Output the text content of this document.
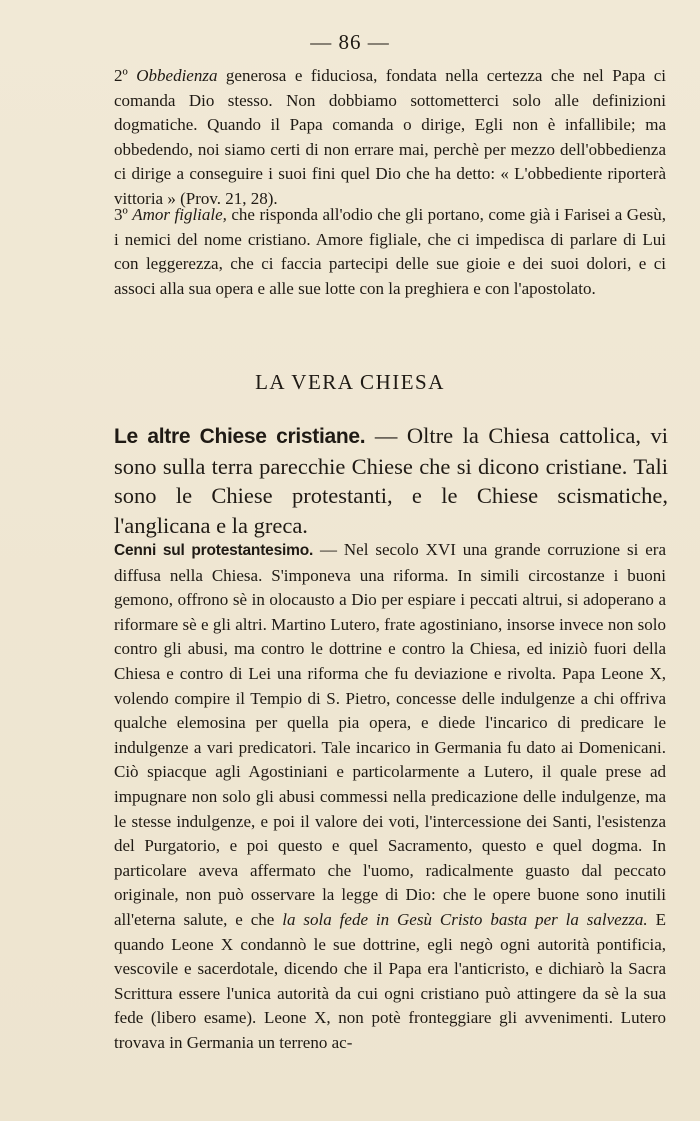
— 86 —

2º Obbedienza generosa e fiduciosa, fondata nella certezza che nel Papa ci comanda Dio stesso. Non dobbiamo sottometterci solo alle definizioni dogmatiche. Quando il Papa comanda o dirige, Egli non è infallibile; ma obbedendo, noi siamo certi di non errare mai, perchè per mezzo dell'obbedienza ci dirige a conseguire i suoi fini quel Dio che ha detto: « L'obbediente riporterà vittoria » (Prov. 21, 28).

3º Amor figliale, che risponda all'odio che gli portano, come già i Farisei a Gesù, i nemici del nome cristiano. Amore figliale, che ci impedisca di parlare di Lui con leggerezza, che ci faccia partecipi delle sue gioie e dei suoi dolori, e ci associ alla sua opera e alle sue lotte con la preghiera e con l'apostolato.

LA VERA CHIESA

Le altre Chiese cristiane. — Oltre la Chiesa cattolica, vi sono sulla terra parecchie Chiese che si dicono cristiane. Tali sono le Chiese protestanti, e le Chiese scismatiche, l'anglicana e la greca.

Cenni sul protestantesimo. — Nel secolo XVI una grande corruzione si era diffusa nella Chiesa. S'imponeva una riforma. In simili circostanze i buoni gemono, offrono sè in olocausto a Dio per espiare i peccati altrui, si adoperano a riformare sè e gli altri. Martino Lutero, frate agostiniano, insorse invece non solo contro gli abusi, ma contro le dottrine e contro la Chiesa, ed iniziò fuori della Chiesa e contro di Lei una riforma che fu deviazione e rivolta. Papa Leone X, volendo compire il Tempio di S. Pietro, concesse delle indulgenze a chi offriva qualche elemosina per quella pia opera, e diede l'incarico di predicare le indulgenze a vari predicatori. Tale incarico in Germania fu dato ai Domenicani. Ciò spiacque agli Agostiniani e particolarmente a Lutero, il quale prese ad impugnare non solo gli abusi commessi nella predicazione delle indulgenze, ma le stesse indulgenze, e poi il valore dei voti, l'intercessione dei Santi, l'esistenza del Purgatorio, e poi questo e quel Sacramento, questo e quel dogma. In particolare aveva affermato che l'uomo, radicalmente guasto dal peccato originale, non può osservare la legge di Dio: che le opere buone sono inutili all'eterna salute, e che la sola fede in Gesù Cristo basta per la salvezza. E quando Leone X condannò le sue dottrine, egli negò ogni autorità pontificia, vescovile e sacerdotale, dicendo che il Papa era l'anticristo, e dichiarò la Sacra Scrittura essere l'unica autorità da cui ogni cristiano può attingere da sè la sua fede (libero esame). Leone X, non potè fronteggiare gli avvenimenti. Lutero trovava in Germania un terreno ac-
